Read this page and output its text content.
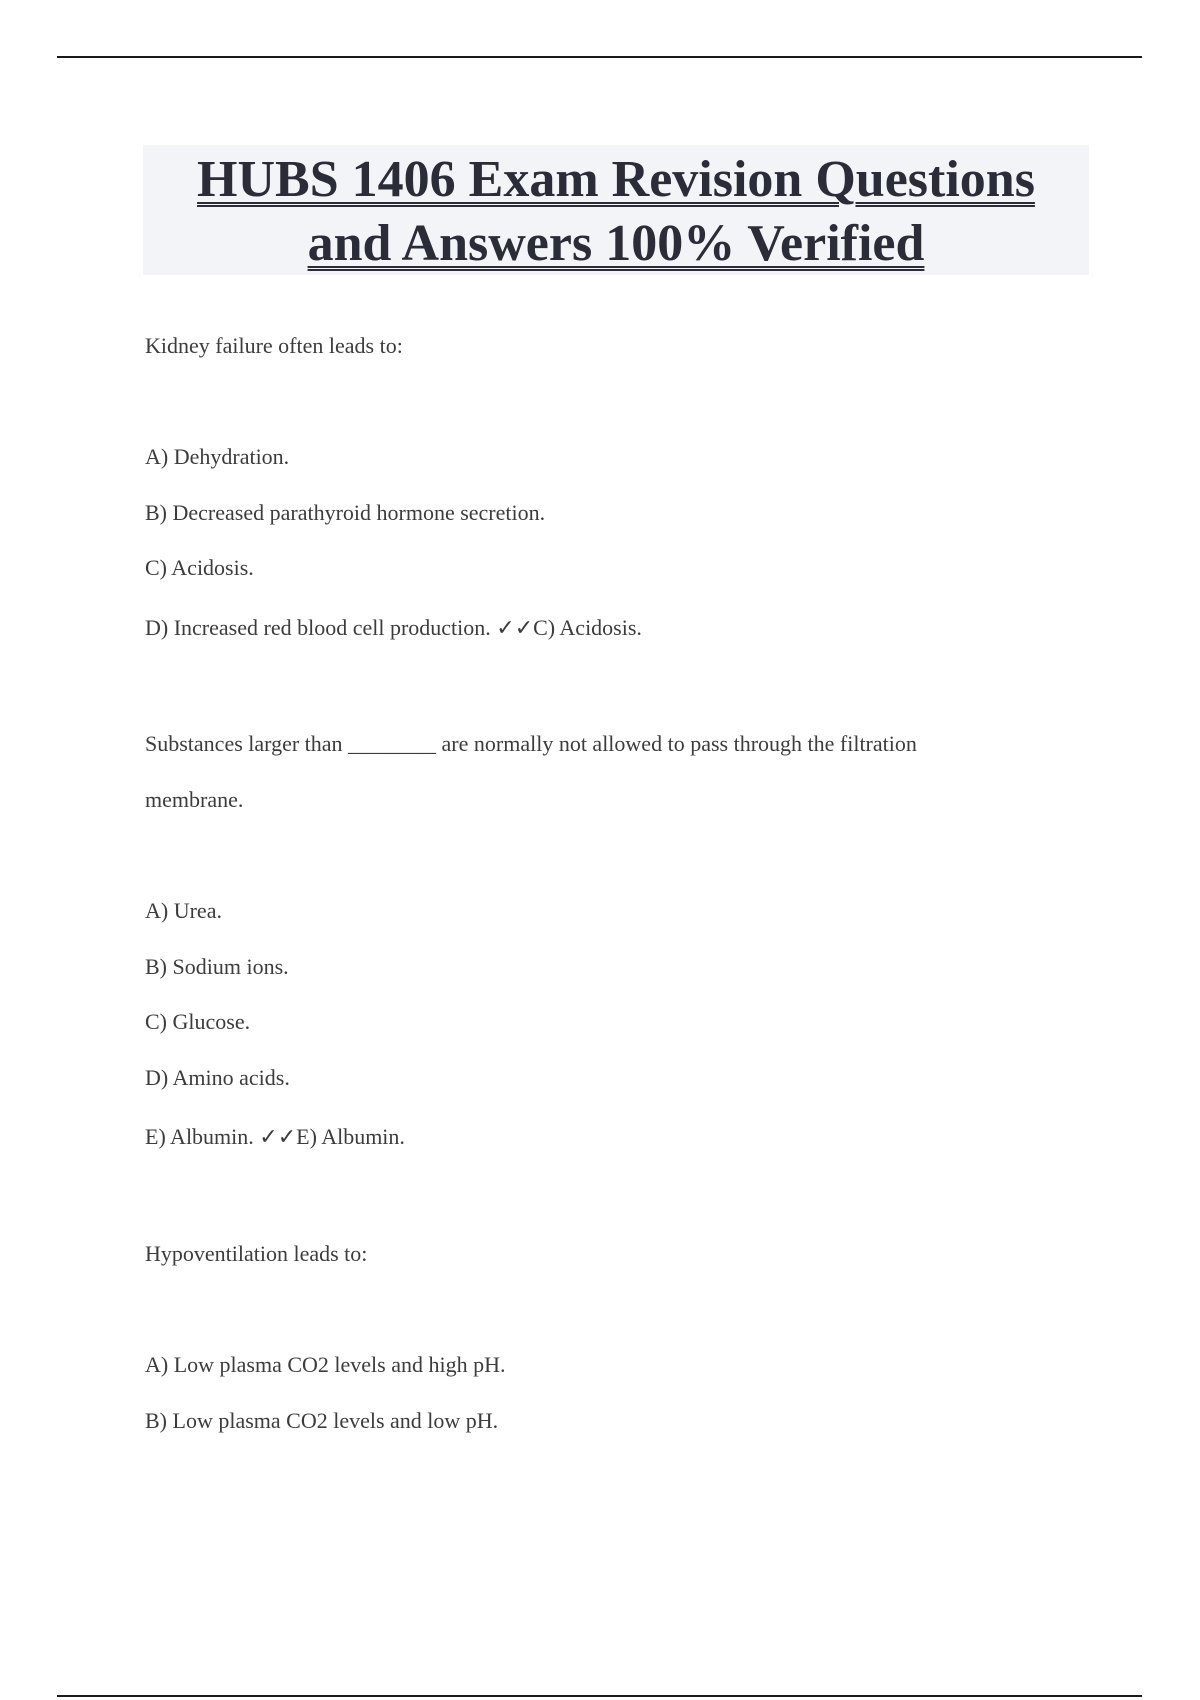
HUBS 1406 Exam Revision Questions
and Answers 100% Verified
Kidney failure often leads to:
A) Dehydration.
B) Decreased parathyroid hormone secretion.
C) Acidosis.
D) Increased red blood cell production. ✓✓C) Acidosis.
Substances larger than ________ are normally not allowed to pass through the filtration
membrane.
A) Urea.
B) Sodium ions.
C) Glucose.
D) Amino acids.
E) Albumin. ✓✓E) Albumin.
Hypoventilation leads to:
A) Low plasma CO2 levels and high pH.
B) Low plasma CO2 levels and low pH.
